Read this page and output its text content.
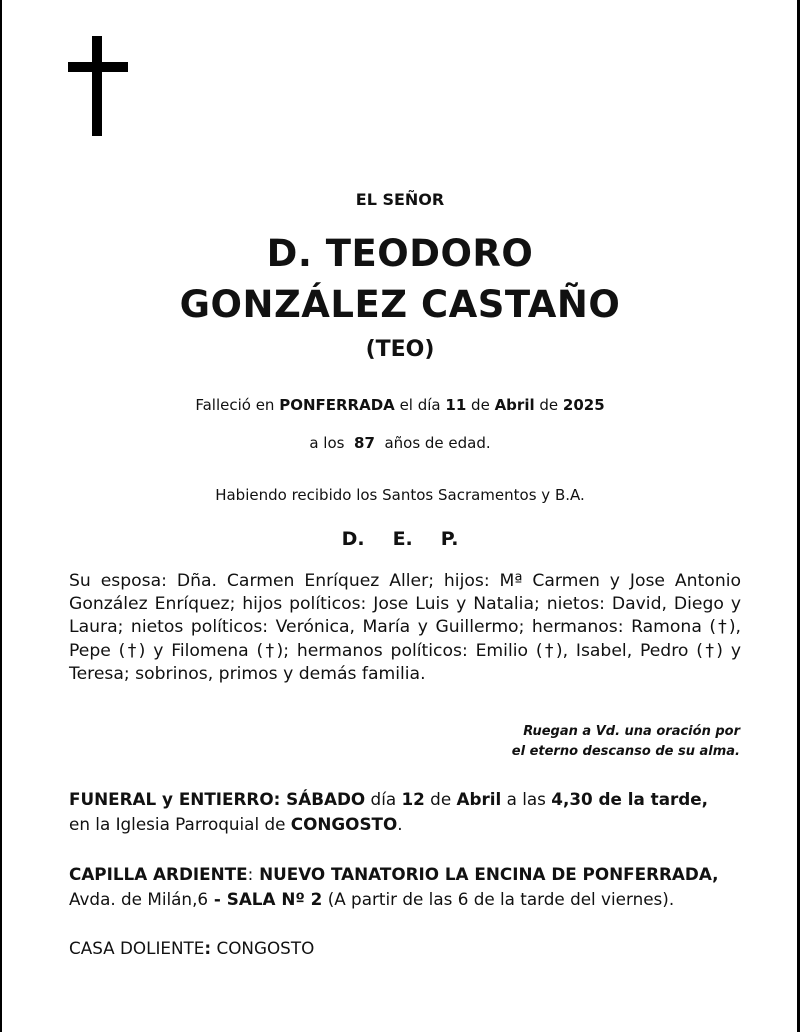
EL SEÑOR
D. TEODORO
GONZÁLEZ CASTAÑO
(TEO)
Falleció en PONFERRADA el día 11 de Abril de 2025
a los 87 años de edad.
Habiendo recibido los Santos Sacramentos y B.A.
D. E. P.
Su esposa: Dña. Carmen Enríquez Aller; hijos: Mª Carmen y Jose Antonio González Enríquez; hijos políticos: Jose Luis y Natalia; nietos: David, Diego y Laura; nietos políticos: Verónica, María y Guillermo; hermanos: Ramona (†), Pepe (†) y Filomena (†); hermanos políticos: Emilio (†), Isabel, Pedro (†) y Teresa; sobrinos, primos y demás familia.
Ruegan a Vd. una oración por
el eterno descanso de su alma.
FUNERAL y ENTIERRO: SÁBADO día 12 de Abril a las 4,30 de la tarde,
en la Iglesia Parroquial de CONGOSTO.
CAPILLA ARDIENTE: NUEVO TANATORIO LA ENCINA DE PONFERRADA,
Avda. de Milán,6 - SALA Nº 2 (A partir de las 6 de la tarde del viernes).
CASA DOLIENTE: CONGOSTO
